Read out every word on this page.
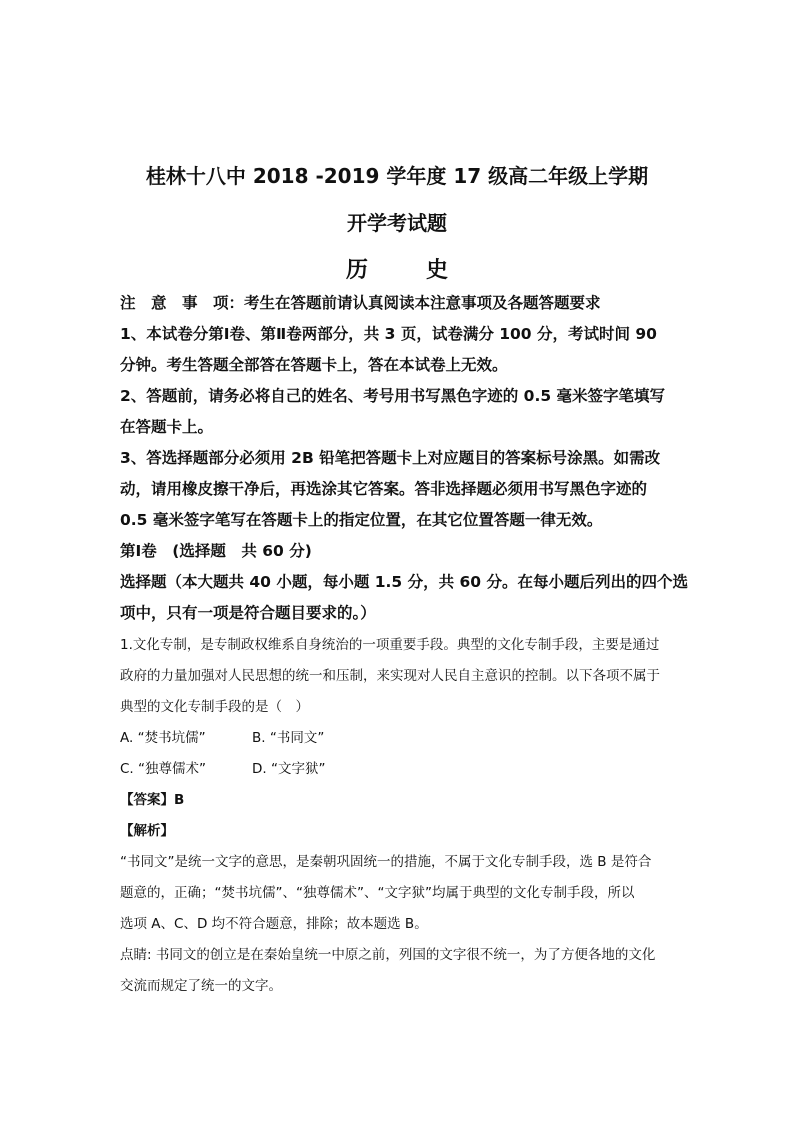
桂林十八中 2018 -2019 学年度 17 级高二年级上学期
开学考试题
历史
注　意　事　项：考生在答题前请认真阅读本注意事项及各题答题要求
1、本试卷分第Ⅰ卷、第Ⅱ卷两部分，共 3 页，试卷满分 100 分，考试时间 90
分钟。考生答题全部答在答题卡上，答在本试卷上无效。
2、答题前，请务必将自己的姓名、考号用书写黑色字迹的 0.5 毫米签字笔填写
在答题卡上。
3、答选择题部分必须用 2B 铅笔把答题卡上对应题目的答案标号涂黑。如需改
动，请用橡皮擦干净后，再选涂其它答案。答非选择题必须用书写黑色字迹的
0.5 毫米签字笔写在答题卡上的指定位置，在其它位置答题一律无效。
第Ⅰ卷　(选择题　共 60 分)
选择题（本大题共 40 小题，每小题 1.5 分，共 60 分。在每小题后列出的四个选
项中，只有一项是符合题目要求的。）
1.文化专制，是专制政权维系自身统治的一项重要手段。典型的文化专制手段，主要是通过
政府的力量加强对人民思想的统一和压制，来实现对人民自主意识的控制。以下各项不属于
典型的文化专制手段的是（　）
A. “焚书坑儒”	B. “书同文”
C. “独尊儒术”	D. “文字狱”
【答案】B
【解析】
“书同文”是统一文字的意思，是秦朝巩固统一的措施，不属于文化专制手段，选 B 是符合
题意的，正确；“焚书坑儒”、“独尊儒术”、“文字狱”均属于典型的文化专制手段，所以
选项 A、C、D 均不符合题意，排除；故本题选 B。
点睛: 书同文的创立是在秦始皇统一中原之前，列国的文字很不统一，为了方便各地的文化
交流而规定了统一的文字。
